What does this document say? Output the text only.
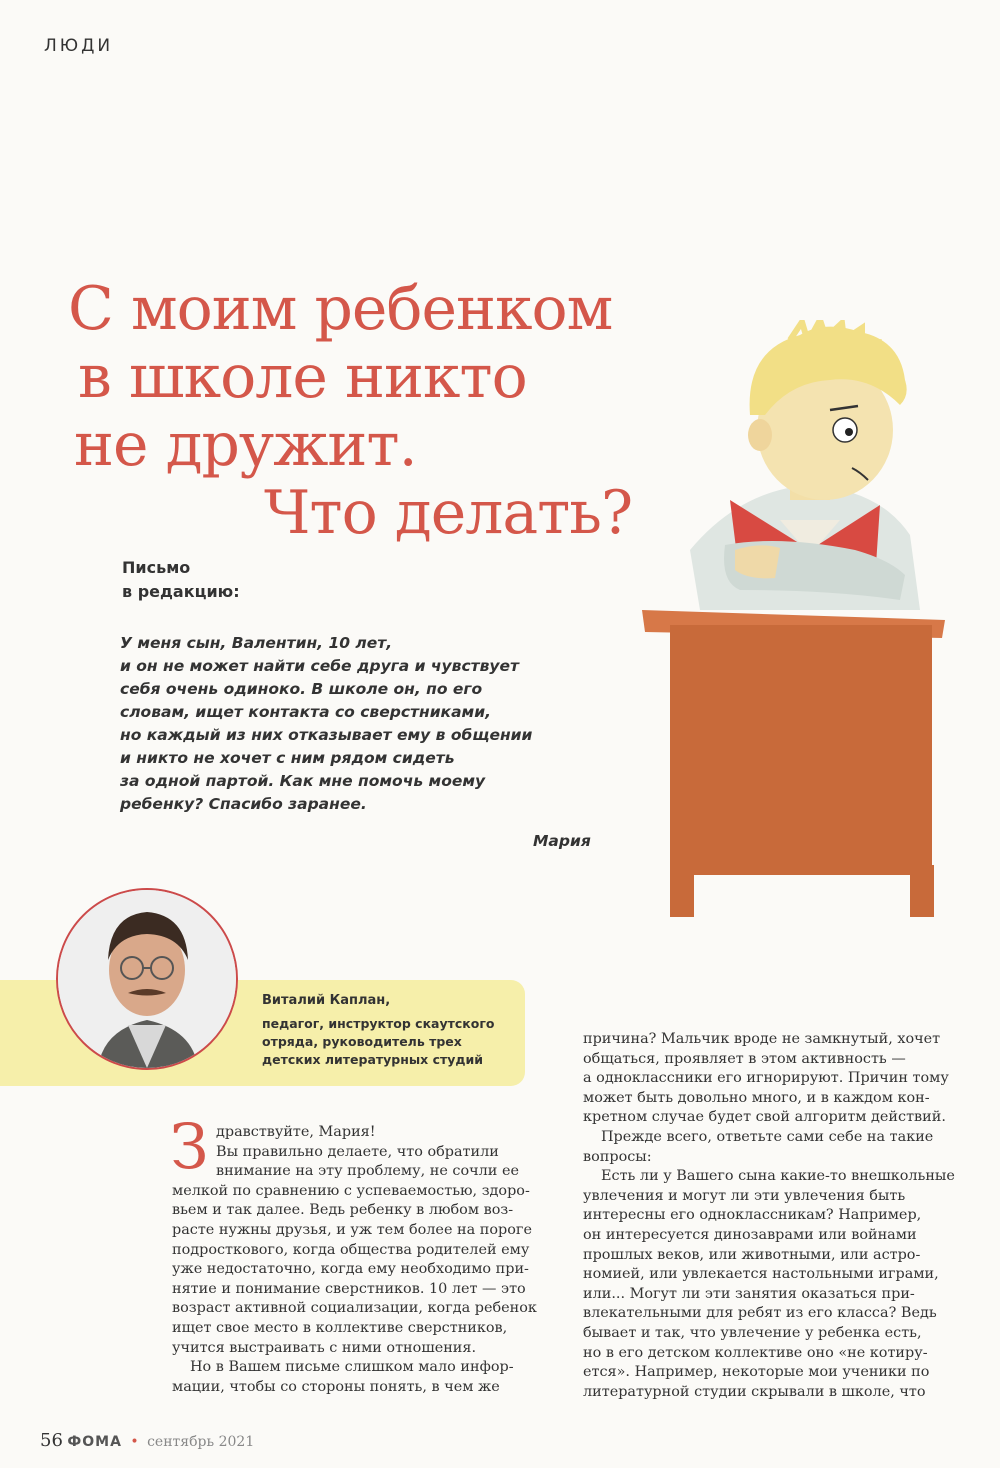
ЛЮДИ
С моим ребенком
в школе никто
не дружит.
Что делать?
Письмо
в редакцию:
У меня сын, Валентин, 10 лет,
и он не может найти себе друга и чувствует
себя очень одиноко. В школе он, по его
словам, ищет контакта со сверстниками,
но каждый из них отказывает ему в общении
и никто не хочет с ним рядом сидеть
за одной партой. Как мне помочь моему
ребенку? Спасибо заранее.
Мария
Виталий Каплан,
педагог, инструктор скаутского
отряда, руководитель трех
детских литературных студий
З дравствуйте, Мария!
Вы правильно делаете, что обратили
внимание на эту проблему, не сочли ее
мелкой по сравнению с успеваемостью, здоро-
вьем и так далее. Ведь ребенку в любом воз-
расте нужны друзья, и уж тем более на пороге
подросткового, когда общества родителей ему
уже недостаточно, когда ему необходимо при-
нятие и понимание сверстников. 10 лет — это
возраст активной социализации, когда ребенок
ищет свое место в коллективе сверстников,
учится выстраивать с ними отношения.
Но в Вашем письме слишком мало инфор-
мации, чтобы со стороны понять, в чем же
причина? Мальчик вроде не замкнутый, хочет
общаться, проявляет в этом активность —
а одноклассники его игнорируют. Причин тому
может быть довольно много, и в каждом кон-
кретном случае будет свой алгоритм действий.
Прежде всего, ответьте сами себе на такие
вопросы:
Есть ли у Вашего сына какие-то внешкольные
увлечения и могут ли эти увлечения быть
интересны его одноклассникам? Например,
он интересуется динозаврами или войнами
прошлых веков, или животными, или астро-
номией, или увлекается настольными играми,
или... Могут ли эти занятия оказаться при-
влекательными для ребят из его класса? Ведь
бывает и так, что увлечение у ребенка есть,
но в его детском коллективе оно «не котиру-
ется». Например, некоторые мои ученики по
литературной студии скрывали в школе, что
56 ФОМА • сентябрь 2021
